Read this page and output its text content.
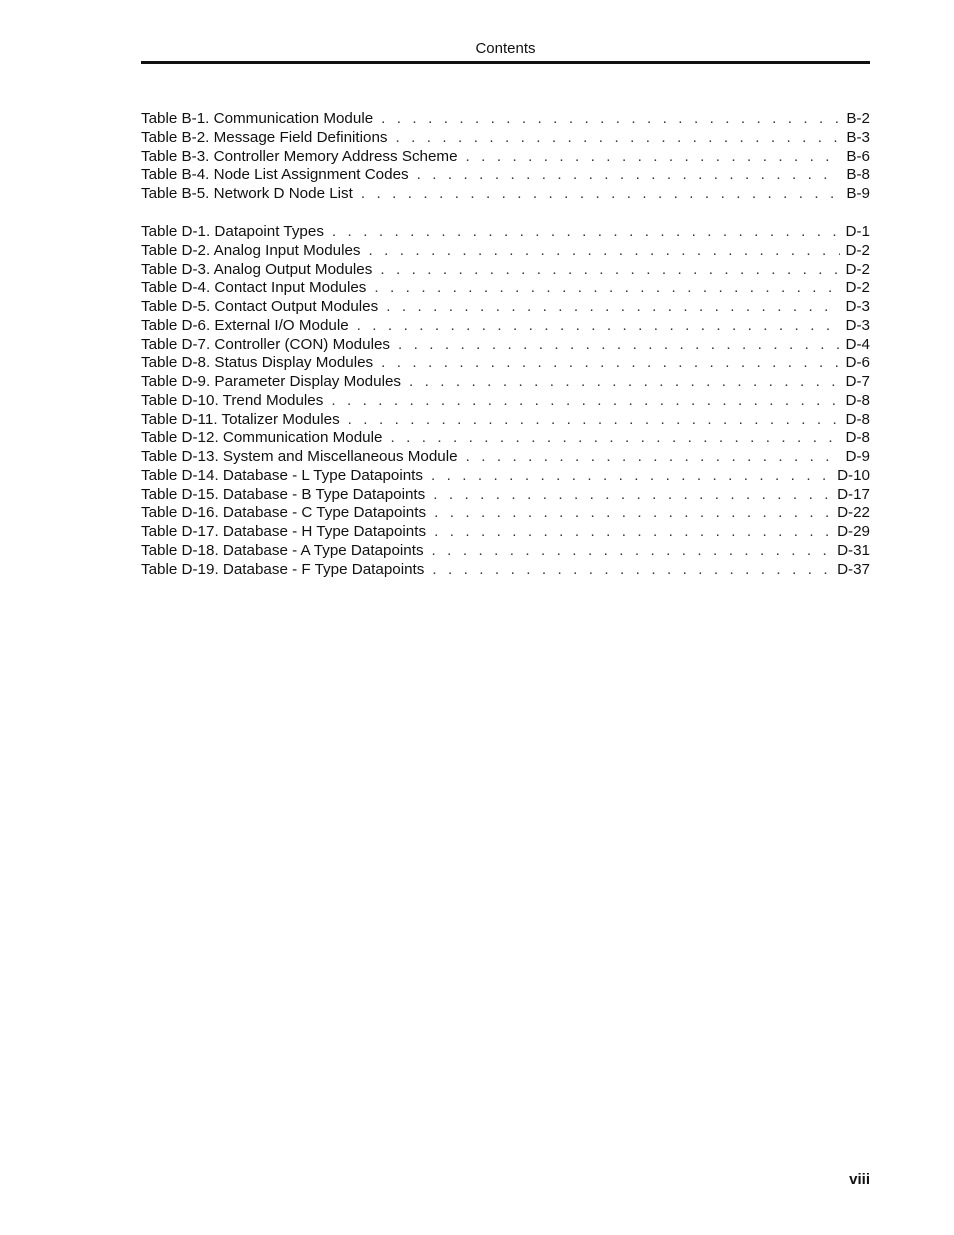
Contents
Table B-1. Communication Module . . .	B-2
Table B-2. Message Field Definitions . . .	B-3
Table B-3. Controller Memory Address Scheme . . .	B-6
Table B-4. Node List Assignment Codes . . .	B-8
Table B-5. Network D Node List . . .	B-9
Table D-1. Datapoint Types . . .	D-1
Table D-2. Analog Input Modules . . .	D-2
Table D-3. Analog Output Modules . . .	D-2
Table D-4. Contact Input Modules . . .	D-2
Table D-5. Contact Output Modules . . .	D-3
Table D-6. External I/O Module . . .	D-3
Table D-7. Controller (CON) Modules . . .	D-4
Table D-8. Status Display Modules . . .	D-6
Table D-9. Parameter Display Modules . . .	D-7
Table D-10. Trend Modules . . .	D-8
Table D-11. Totalizer Modules . . .	D-8
Table D-12. Communication Module . . .	D-8
Table D-13. System and Miscellaneous Module . . .	D-9
Table D-14. Database - L Type Datapoints . . .	D-10
Table D-15. Database - B Type Datapoints . . .	D-17
Table D-16. Database - C Type Datapoints . . .	D-22
Table D-17. Database - H Type Datapoints . . .	D-29
Table D-18. Database - A Type Datapoints . . .	D-31
Table D-19. Database - F Type Datapoints . . .	D-37
viii
